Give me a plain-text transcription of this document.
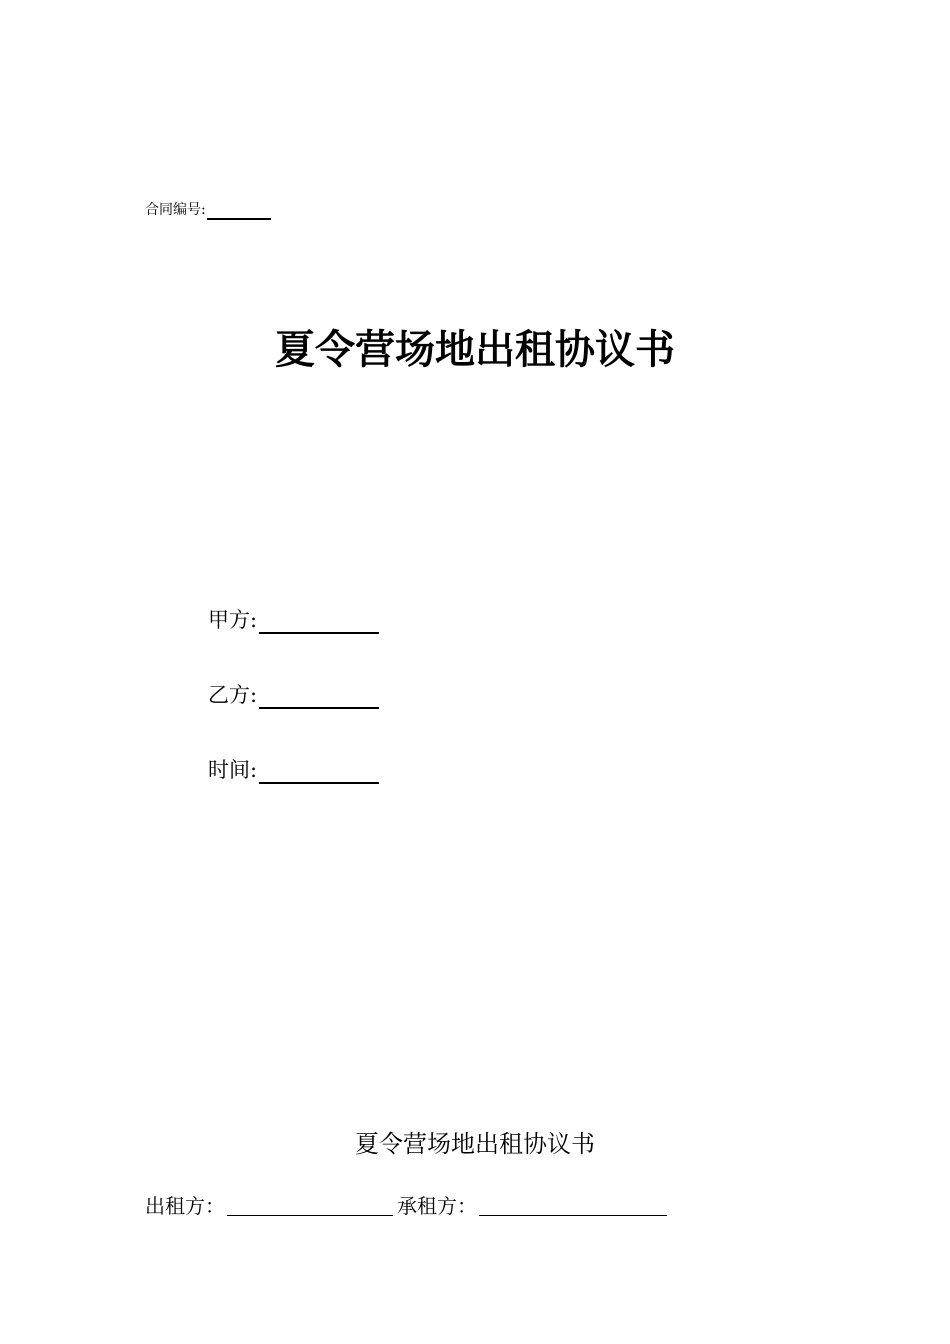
合同编号:
夏令营场地出租协议书
甲方:
乙方:
时间:
夏令营场地出租协议书
出租方：	承租方：
